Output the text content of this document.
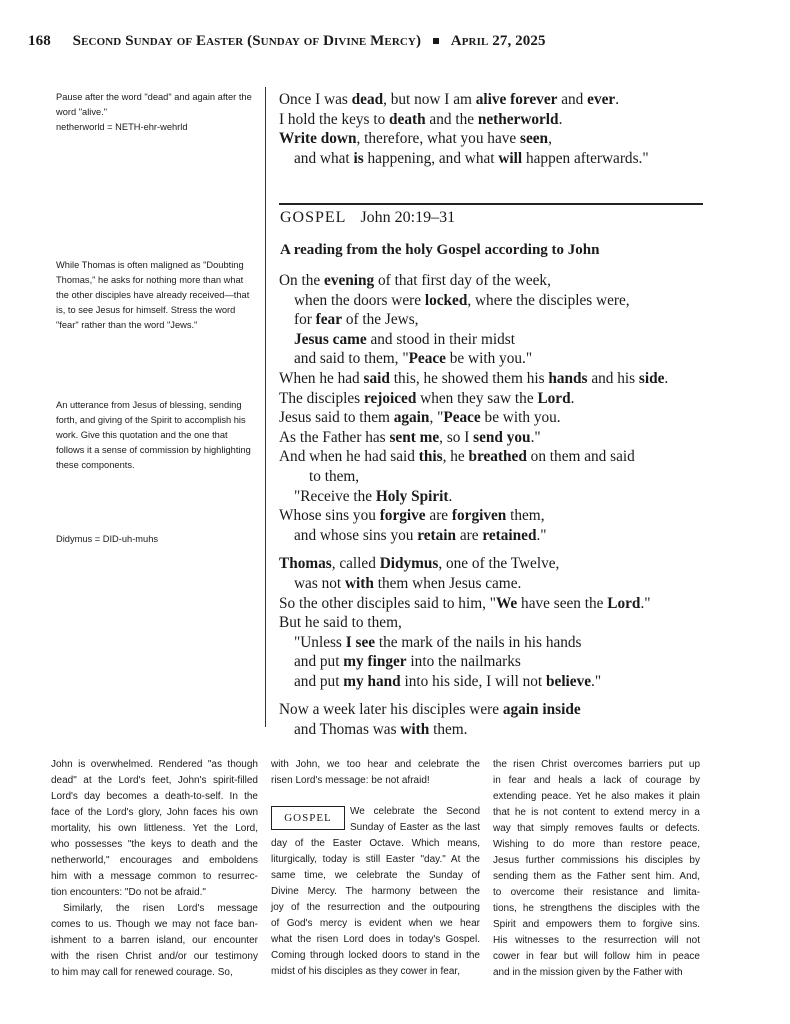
168 Second Sunday of Easter (Sunday of Divine Mercy) April 27, 2025

Pause after the word "dead" and again after the word "alive."

netherworld = NETH-ehr-wehrld

While Thomas is often maligned as "Doubting Thomas," he asks for nothing more than what the other disciples have already received—that is, to see Jesus for himself. Stress the word "fear" rather than the word "Jews."
An utterance from Jesus of blessing, sending forth, and giving of the Spirit to accomplish his work. Give this quotation and the one that follows it a sense of commission by highlighting these components.
Didymus = DID-uh-muhs
Once I was dead, but now I am alive forever and ever.
I hold the keys to death and the netherworld.
Write down, therefore, what you have seen,
and what is happening, and what will happen afterwards."
GOSPEL John 20:19–31
A reading from the holy Gospel according to John
On the evening of that first day of the week,
when the doors were locked, where the disciples were,
for fear of the Jews,
Jesus came and stood in their midst
and said to them, "Peace be with you."
When he had said this, he showed them his hands and his side.
The disciples rejoiced when they saw the Lord.
Jesus said to them again, "Peace be with you.
As the Father has sent me, so I send you."
And when he had said this, he breathed on them and said
to them,
"Receive the Holy Spirit.
Whose sins you forgive are forgiven them,
and whose sins you retain are retained."
Thomas, called Didymus, one of the Twelve,
was not with them when Jesus came.
So the other disciples said to him, "We have seen the Lord."
But he said to them,
"Unless I see the mark of the nails in his hands
and put my finger into the nailmarks
and put my hand into his side, I will not believe."
Now a week later his disciples were again inside
and Thomas was with them.
John is overwhelmed. Rendered "as though
dead" at the Lord's feet, John's spirit-filled
Lord's day becomes a death-to-self. In the
face of the Lord's glory, John faces his own
mortality, his own littleness. Yet the Lord,
who possesses "the keys to death and the
netherworld," encourages and emboldens
him with a message common to resurrec-
tion encounters: "Do not be afraid."
Similarly, the risen Lord's message
comes to us. Though we may not face ban-
ishment to a barren island, our encounter
with the risen Christ and/or our testimony
to him may call for renewed courage. So,
with John, we too hear and celebrate the
risen Lord's message: be not afraid!
GOSPEL
We celebrate the Second
Sunday of Easter as the last
day of the Easter Octave. Which means,
liturgically, today is still Easter "day." At the
same time, we celebrate the Sunday of
Divine Mercy. The harmony between the
joy of the resurrection and the outpouring
of God's mercy is evident when we hear
what the risen Lord does in today's Gospel.
Coming through locked doors to stand in the
midst of his disciples as they cower in fear,
the risen Christ overcomes barriers put up
in fear and heals a lack of courage by
extending peace. Yet he also makes it plain
that he is not content to extend mercy in a
way that simply removes faults or defects.
Wishing to do more than restore peace,
Jesus further commissions his disciples by
sending them as the Father sent him. And,
to overcome their resistance and limita-
tions, he strengthens the disciples with the
Spirit and empowers them to forgive sins.
His witnesses to the resurrection will not
cower in fear but will follow him in peace
and in the mission given by the Father with
